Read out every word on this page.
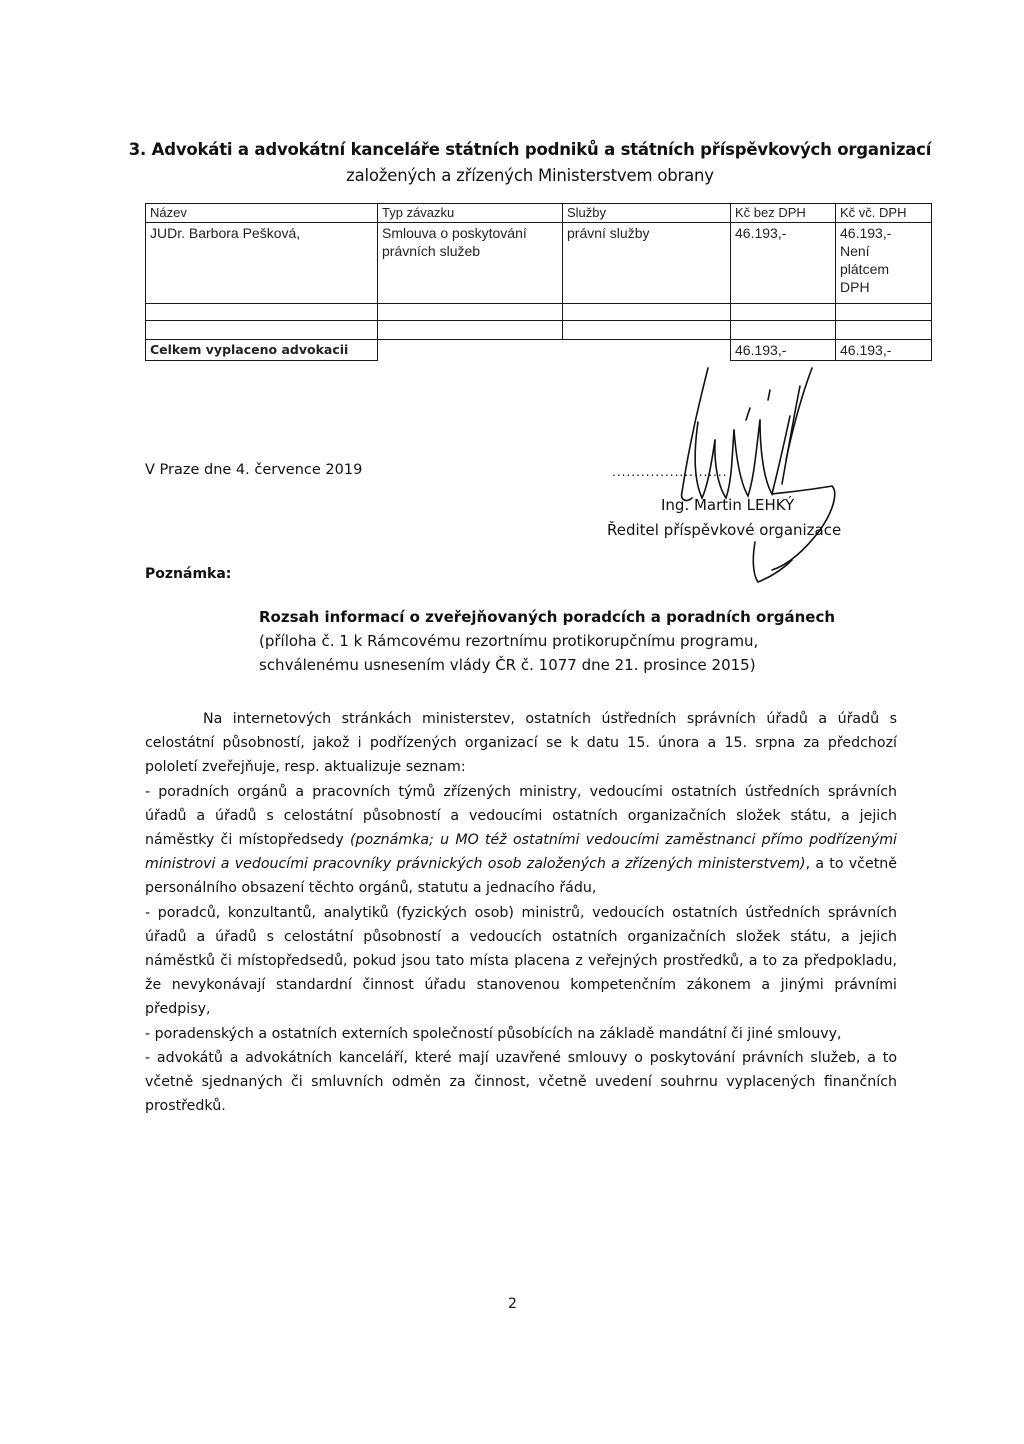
3. Advokáti a advokátní kanceláře státních podniků a státních příspěvkových organizací
založených a zřízených Ministerstvem obrany
Název	Typ závazku	Služby	Kč bez DPH	Kč vč. DPH
JUDr. Barbora Pešková,	Smlouva o poskytování právních služeb	právní služby	46.193,-	46.193,-
Není plátcem DPH

Celkem vyplaceno advokacii			46.193,-	46.193,-
V Praze dne 4. července 2019	........................
Ing. Martin LEHKÝ
Ředitel příspěvkové organizace
Poznámka:
Rozsah informací o zveřejňovaných poradcích a poradních orgánech
(příloha č. 1 k Rámcovému rezortnímu protikorupčnímu programu,
schválenému usnesením vlády ČR č. 1077 dne 21. prosince 2015)

Na internetových stránkách ministerstev, ostatních ústředních správních úřadů a úřadů s celostátní působností, jakož i podřízených organizací se k datu 15. února a 15. srpna za předchozí pololetí zveřejňuje, resp. aktualizuje seznam:

- poradních orgánů a pracovních týmů zřízených ministry, vedoucími ostatních ústředních správních úřadů a úřadů s celostátní působností a vedoucími ostatních organizačních složek státu, a jejich náměstky či místopředsedy (poznámka; u MO též ostatními vedoucími zaměstnanci přímo podřízenými ministrovi a vedoucími pracovníky právnických osob založených a zřízených ministerstvem), a to včetně personálního obsazení těchto orgánů, statutu a jednacího řádu,

- poradců, konzultantů, analytiků (fyzických osob) ministrů, vedoucích ostatních ústředních správních úřadů a úřadů s celostátní působností a vedoucích ostatních organizačních složek státu, a jejich náměstků či místopředsedů, pokud jsou tato místa placena z veřejných prostředků, a to za předpokladu, že nevykonávají standardní činnost úřadu stanovenou kompetenčním zákonem a jinými právními předpisy,

- poradenských a ostatních externích společností působících na základě mandátní či jiné smlouvy,

- advokátů a advokátních kanceláří, které mají uzavřené smlouvy o poskytování právních služeb, a to včetně sjednaných či smluvních odměn za činnost, včetně uvedení souhrnu vyplacených finančních prostředků.

2
